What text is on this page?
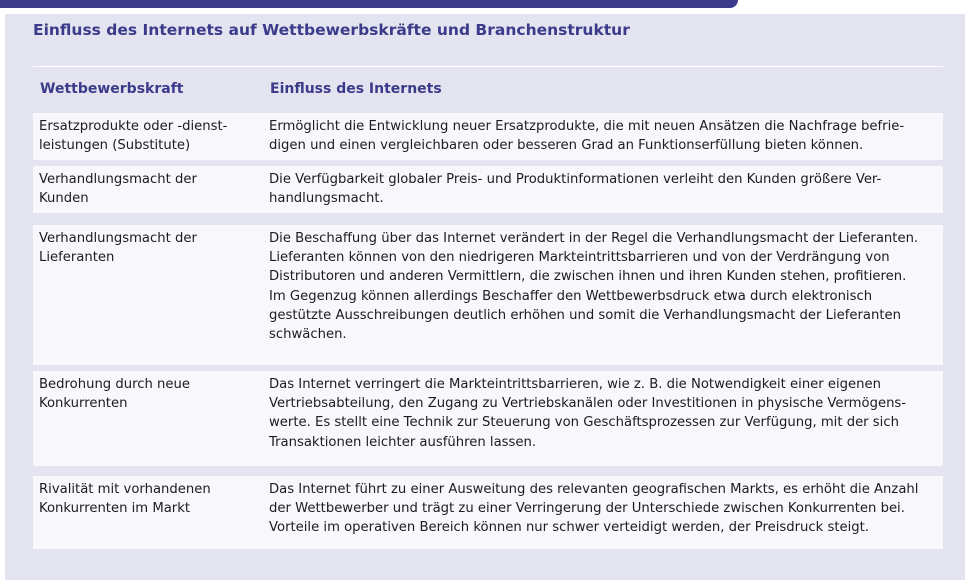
Einfluss des Internets auf Wettbewerbskräfte und Branchenstruktur
Wettbewerbskraft	Einfluss des Internets
Ersatzprodukte oder -dienst-
leistungen (Substitute)
Ermöglicht die Entwicklung neuer Ersatzprodukte, die mit neuen Ansätzen die Nachfrage befrie-
digen und einen vergleichbaren oder besseren Grad an Funktionserfüllung bieten können.
Verhandlungsmacht der
Kunden
Die Verfügbarkeit globaler Preis- und Produktinformationen verleiht den Kunden größere Ver-
handlungsmacht.
Verhandlungsmacht der
Lieferanten
Die Beschaffung über das Internet verändert in der Regel die Verhandlungsmacht der Lieferanten.
Lieferanten können von den niedrigeren Markteintrittsbarrieren und von der Verdrängung von
Distributoren und anderen Vermittlern, die zwischen ihnen und ihren Kunden stehen, profitieren.
Im Gegenzug können allerdings Beschaffer den Wettbewerbsdruck etwa durch elektronisch
gestützte Ausschreibungen deutlich erhöhen und somit die Verhandlungsmacht der Lieferanten
schwächen.
Bedrohung durch neue
Konkurrenten
Das Internet verringert die Markteintrittsbarrieren, wie z. B. die Notwendigkeit einer eigenen
Vertriebsabteilung, den Zugang zu Vertriebskanälen oder Investitionen in physische Vermögens-
werte. Es stellt eine Technik zur Steuerung von Geschäftsprozessen zur Verfügung, mit der sich
Transaktionen leichter ausführen lassen.
Rivalität mit vorhandenen
Konkurrenten im Markt
Das Internet führt zu einer Ausweitung des relevanten geografischen Markts, es erhöht die Anzahl
der Wettbewerber und trägt zu einer Verringerung der Unterschiede zwischen Konkurrenten bei.
Vorteile im operativen Bereich können nur schwer verteidigt werden, der Preisdruck steigt.
